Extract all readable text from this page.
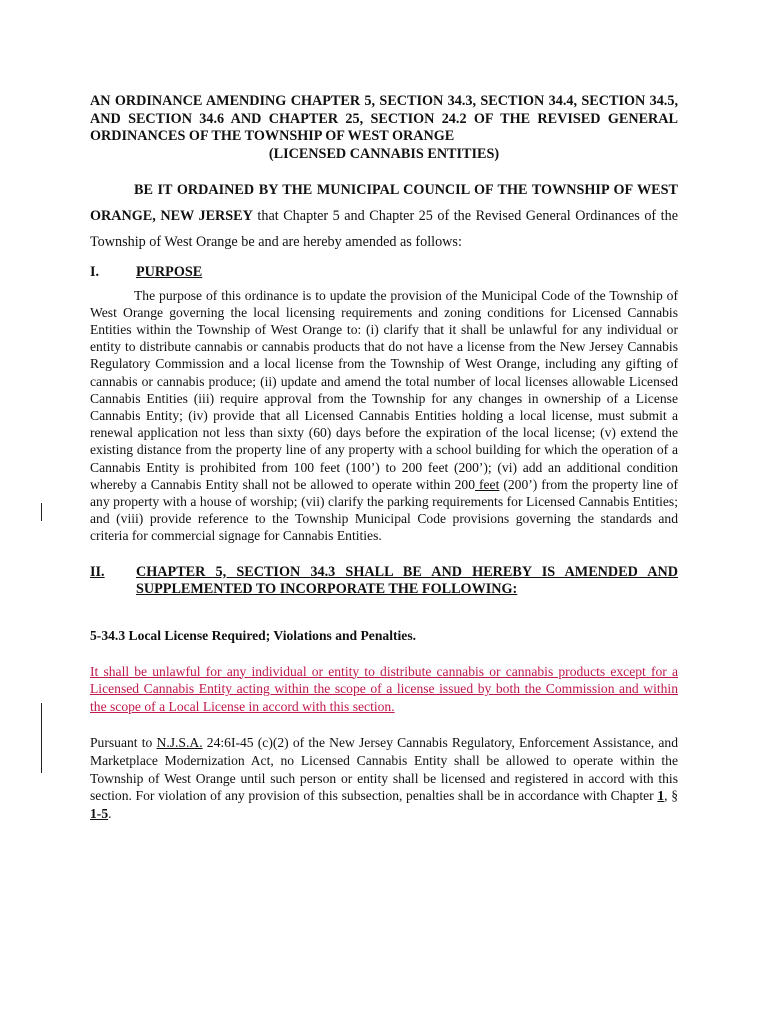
AN ORDINANCE AMENDING CHAPTER 5, SECTION 34.3, SECTION 34.4, SECTION 34.5, AND SECTION 34.6 AND CHAPTER 25, SECTION 24.2 OF THE REVISED GENERAL ORDINANCES OF THE TOWNSHIP OF WEST ORANGE

(LICENSED CANNABIS ENTITIES)

BE IT ORDAINED BY THE MUNICIPAL COUNCIL OF THE TOWNSHIP OF WEST ORANGE, NEW JERSEY that Chapter 5 and Chapter 25 of the Revised General Ordinances of the Township of West Orange be and are hereby amended as follows:

I.	PURPOSE

The purpose of this ordinance is to update the provision of the Municipal Code of the Township of West Orange governing the local licensing requirements and zoning conditions for Licensed Cannabis Entities within the Township of West Orange to: (i) clarify that it shall be unlawful for any individual or entity to distribute cannabis or cannabis products that do not have a license from the New Jersey Cannabis Regulatory Commission and a local license from the Township of West Orange, including any gifting of cannabis or cannabis produce; (ii) update and amend the total number of local licenses allowable Licensed Cannabis Entities (iii) require approval from the Township for any changes in ownership of a License Cannabis Entity; (iv) provide that all Licensed Cannabis Entities holding a local license, must submit a renewal application not less than sixty (60) days before the expiration of the local license; (v) extend the existing distance from the property line of any property with a school building for which the operation of a Cannabis Entity is prohibited from 100 feet (100’) to 200 feet (200’); (vi) add an additional condition whereby a Cannabis Entity shall not be allowed to operate within 200 feet (200’) from the property line of any property with a house of worship; (vii) clarify the parking requirements for Licensed Cannabis Entities; and (viii) provide reference to the Township Municipal Code provisions governing the standards and criteria for commercial signage for Cannabis Entities.

II.	CHAPTER 5, SECTION 34.3 SHALL BE AND HEREBY IS AMENDED AND SUPPLEMENTED TO INCORPORATE THE FOLLOWING:
5-34.3 Local License Required; Violations and Penalties.

It shall be unlawful for any individual or entity to distribute cannabis or cannabis products except for a Licensed Cannabis Entity acting within the scope of a license issued by both the Commission and within the scope of a Local License in accord with this section.

Pursuant to N.J.S.A. 24:6I-45 (c)(2) of the New Jersey Cannabis Regulatory, Enforcement Assistance, and Marketplace Modernization Act, no Licensed Cannabis Entity shall be allowed to operate within the Township of West Orange until such person or entity shall be licensed and registered in accord with this section. For violation of any provision of this subsection, penalties shall be in accordance with Chapter 1, § 1-5.
